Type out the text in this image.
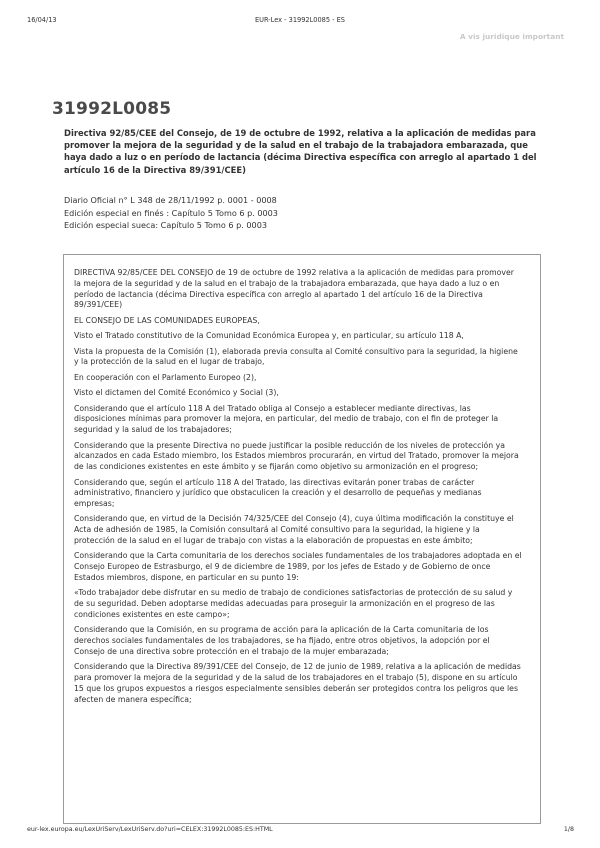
16/04/13	EUR-Lex - 31992L0085 - ES
A vis juridique important
31992L0085
Directiva 92/85/CEE del Consejo, de 19 de octubre de 1992, relativa a la aplicación de medidas para promover la mejora de la seguridad y de la salud en el trabajo de la trabajadora embarazada, que haya dado a luz o en período de lactancia (décima Directiva específica con arreglo al apartado 1 del artículo 16 de la Directiva 89/391/CEE)
Diario Oficial n° L 348 de 28/11/1992 p. 0001 - 0008
Edición especial en finés : Capítulo 5 Tomo 6 p. 0003
Edición especial sueca: Capítulo 5 Tomo 6 p. 0003

DIRECTIVA 92/85/CEE DEL CONSEJO de 19 de octubre de 1992 relativa a la aplicación de medidas para promover la mejora de la seguridad y de la salud en el trabajo de la trabajadora embarazada, que haya dado a luz o en período de lactancia (décima Directiva específica con arreglo al apartado 1 del artículo 16 de la Directiva 89/391/CEE)

EL CONSEJO DE LAS COMUNIDADES EUROPEAS,

Visto el Tratado constitutivo de la Comunidad Económica Europea y, en particular, su artículo 118 A,

Vista la propuesta de la Comisión (1), elaborada previa consulta al Comité consultivo para la seguridad, la higiene y la protección de la salud en el lugar de trabajo,

En cooperación con el Parlamento Europeo (2),

Visto el dictamen del Comité Económico y Social (3),

Considerando que el artículo 118 A del Tratado obliga al Consejo a establecer mediante directivas, las disposiciones mínimas para promover la mejora, en particular, del medio de trabajo, con el fin de proteger la seguridad y la salud de los trabajadores;

Considerando que la presente Directiva no puede justificar la posible reducción de los niveles de protección ya alcanzados en cada Estado miembro, los Estados miembros procurarán, en virtud del Tratado, promover la mejora de las condiciones existentes en este ámbito y se fijarán como objetivo su armonización en el progreso;

Considerando que, según el artículo 118 A del Tratado, las directivas evitarán poner trabas de carácter administrativo, financiero y jurídico que obstaculicen la creación y el desarrollo de pequeñas y medianas empresas;

Considerando que, en virtud de la Decisión 74/325/CEE del Consejo (4), cuya última modificación la constituye el Acta de adhesión de 1985, la Comisión consultará al Comité consultivo para la seguridad, la higiene y la protección de la salud en el lugar de trabajo con vistas a la elaboración de propuestas en este ámbito;

Considerando que la Carta comunitaria de los derechos sociales fundamentales de los trabajadores adoptada en el Consejo Europeo de Estrasburgo, el 9 de diciembre de 1989, por los jefes de Estado y de Gobierno de once Estados miembros, dispone, en particular en su punto 19:

«Todo trabajador debe disfrutar en su medio de trabajo de condiciones satisfactorias de protección de su salud y de su seguridad. Deben adoptarse medidas adecuadas para proseguir la armonización en el progreso de las condiciones existentes en este campo»;

Considerando que la Comisión, en su programa de acción para la aplicación de la Carta comunitaria de los derechos sociales fundamentales de los trabajadores, se ha fijado, entre otros objetivos, la adopción por el Consejo de una directiva sobre protección en el trabajo de la mujer embarazada;

Considerando que la Directiva 89/391/CEE del Consejo, de 12 de junio de 1989, relativa a la aplicación de medidas para promover la mejora de la seguridad y de la salud de los trabajadores en el trabajo (5), dispone en su artículo 15 que los grupos expuestos a riesgos especialmente sensibles deberán ser protegidos contra los peligros que les afecten de manera específica;

eur-lex.europa.eu/LexUriServ/LexUriServ.do?uri=CELEX:31992L0085:ES:HTML	1/8
